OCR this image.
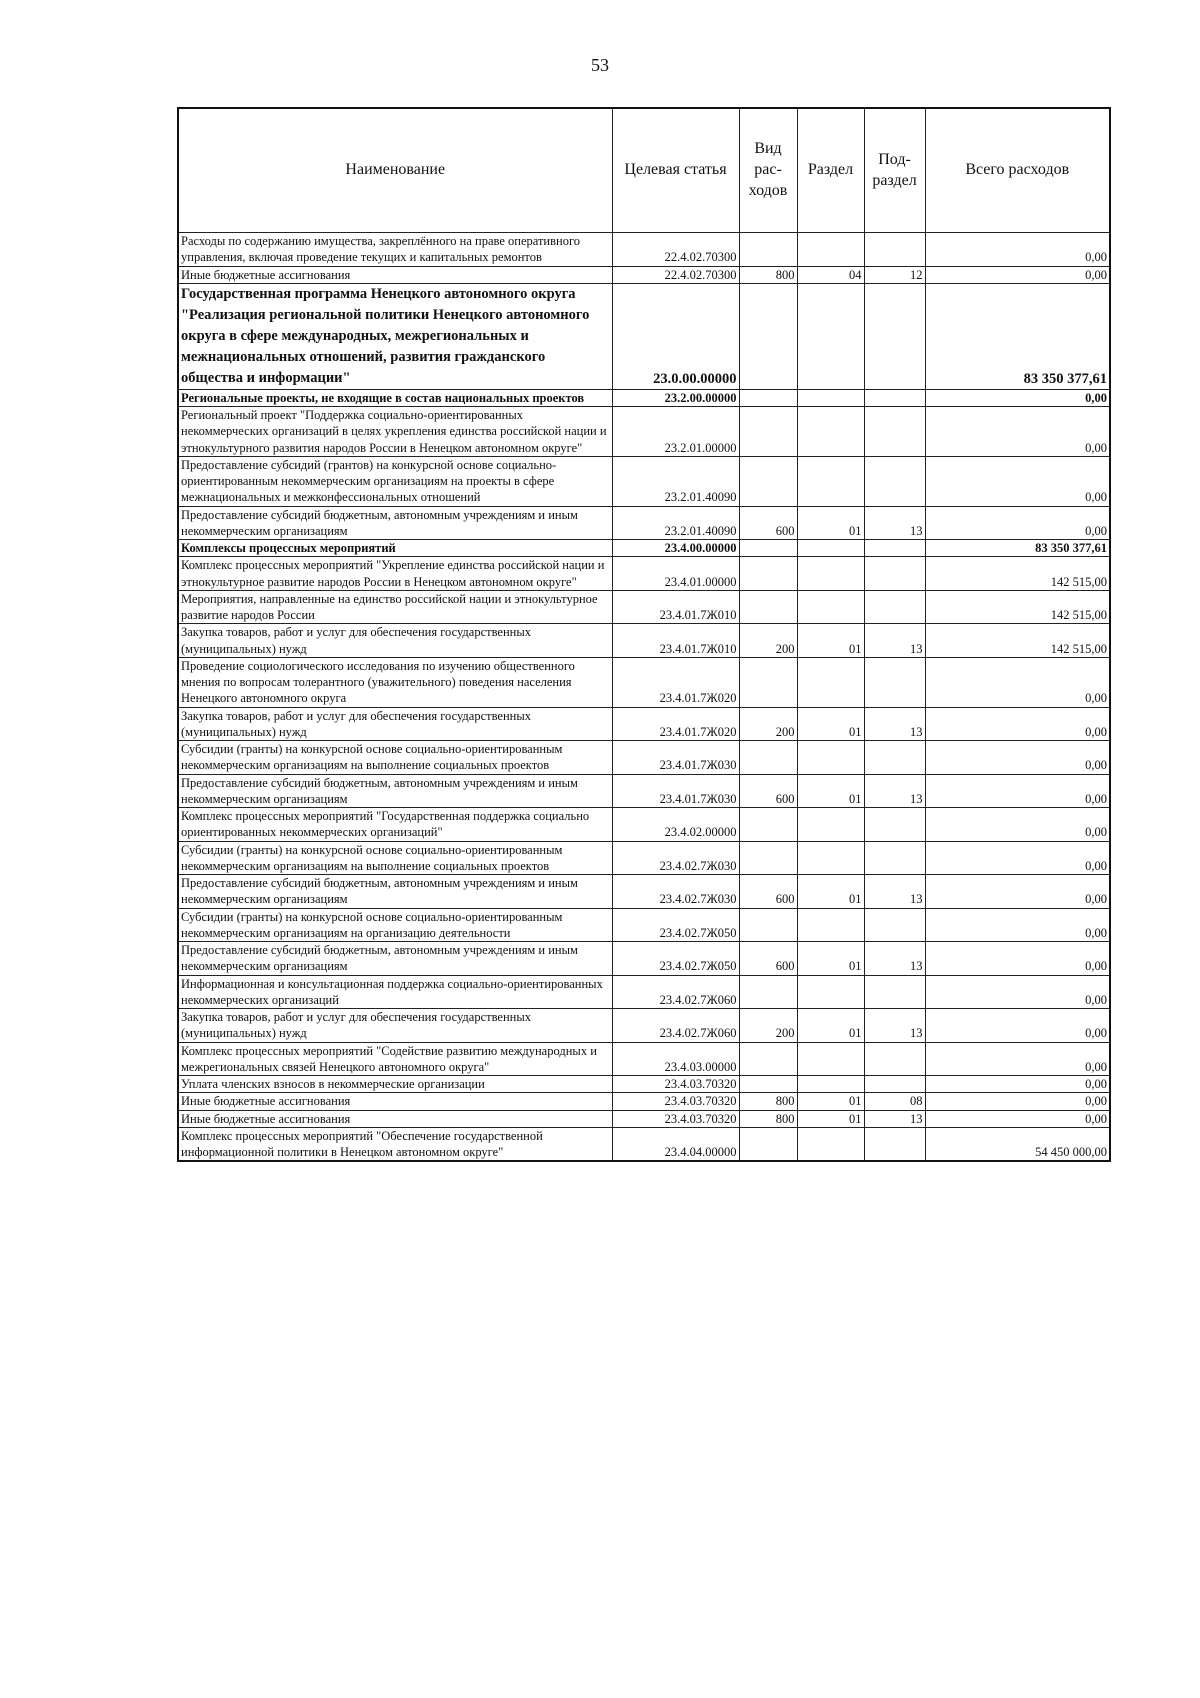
53
Наименование	Целевая статья	Вид рас-ходов	Раздел	Под-раздел	Всего расходов
Расходы по содержанию имущества, закреплённого на праве оперативного управления, включая проведение текущих и капитальных ремонтов	22.4.02.70300				0,00
Иные бюджетные ассигнования	22.4.02.70300	800	04	12	0,00
Государственная программа Ненецкого автономного округа "Реализация региональной политики Ненецкого автономного округа в сфере международных, межрегиональных и межнациональных отношений, развития гражданского общества и информации"	23.0.00.00000				83 350 377,61
Региональные проекты, не входящие в состав национальных проектов	23.2.00.00000				0,00
Региональный проект "Поддержка социально-ориентированных некоммерческих организаций в целях укрепления единства российской нации и этнокультурного развития народов России в Ненецком автономном округе"	23.2.01.00000				0,00
Предоставление субсидий (грантов) на конкурсной основе социально-ориентированным некоммерческим организациям на проекты в сфере межнациональных и межконфессиональных отношений	23.2.01.40090				0,00
Предоставление субсидий бюджетным, автономным учреждениям и иным некоммерческим организациям	23.2.01.40090	600	01	13	0,00
Комплексы процессных мероприятий	23.4.00.00000				83 350 377,61
Комплекс процессных мероприятий "Укрепление единства российской нации и этнокультурное развитие народов России в Ненецком автономном округе"	23.4.01.00000				142 515,00
Мероприятия, направленные на единство российской нации и этнокультурное развитие народов России	23.4.01.7Ж010				142 515,00
Закупка товаров, работ и услуг для обеспечения государственных (муниципальных) нужд	23.4.01.7Ж010	200	01	13	142 515,00
Проведение социологического исследования по изучению общественного мнения по вопросам толерантного (уважительного) поведения населения Ненецкого автономного округа	23.4.01.7Ж020				0,00
Закупка товаров, работ и услуг для обеспечения государственных (муниципальных) нужд	23.4.01.7Ж020	200	01	13	0,00
Субсидии (гранты) на конкурсной основе социально-ориентированным некоммерческим организациям на выполнение социальных проектов	23.4.01.7Ж030				0,00
Предоставление субсидий бюджетным, автономным учреждениям и иным некоммерческим организациям	23.4.01.7Ж030	600	01	13	0,00
Комплекс процессных мероприятий "Государственная поддержка социально ориентированных некоммерческих организаций"	23.4.02.00000				0,00
Субсидии (гранты) на конкурсной основе социально-ориентированным некоммерческим организациям на выполнение социальных проектов	23.4.02.7Ж030				0,00
Предоставление субсидий бюджетным, автономным учреждениям и иным некоммерческим организациям	23.4.02.7Ж030	600	01	13	0,00
Субсидии (гранты) на конкурсной основе социально-ориентированным некоммерческим организациям на организацию деятельности	23.4.02.7Ж050				0,00
Предоставление субсидий бюджетным, автономным учреждениям и иным некоммерческим организациям	23.4.02.7Ж050	600	01	13	0,00
Информационная и консультационная поддержка социально-ориентированных некоммерческих организаций	23.4.02.7Ж060				0,00
Закупка товаров, работ и услуг для обеспечения государственных (муниципальных) нужд	23.4.02.7Ж060	200	01	13	0,00
Комплекс процессных мероприятий "Содействие развитию международных и межрегиональных связей Ненецкого автономного округа"	23.4.03.00000				0,00
Уплата членских взносов в некоммерческие организации	23.4.03.70320				0,00
Иные бюджетные ассигнования	23.4.03.70320	800	01	08	0,00
Иные бюджетные ассигнования	23.4.03.70320	800	01	13	0,00
Комплекс процессных мероприятий "Обеспечение государственной информационной политики в Ненецком автономном округе"	23.4.04.00000				54 450 000,00
